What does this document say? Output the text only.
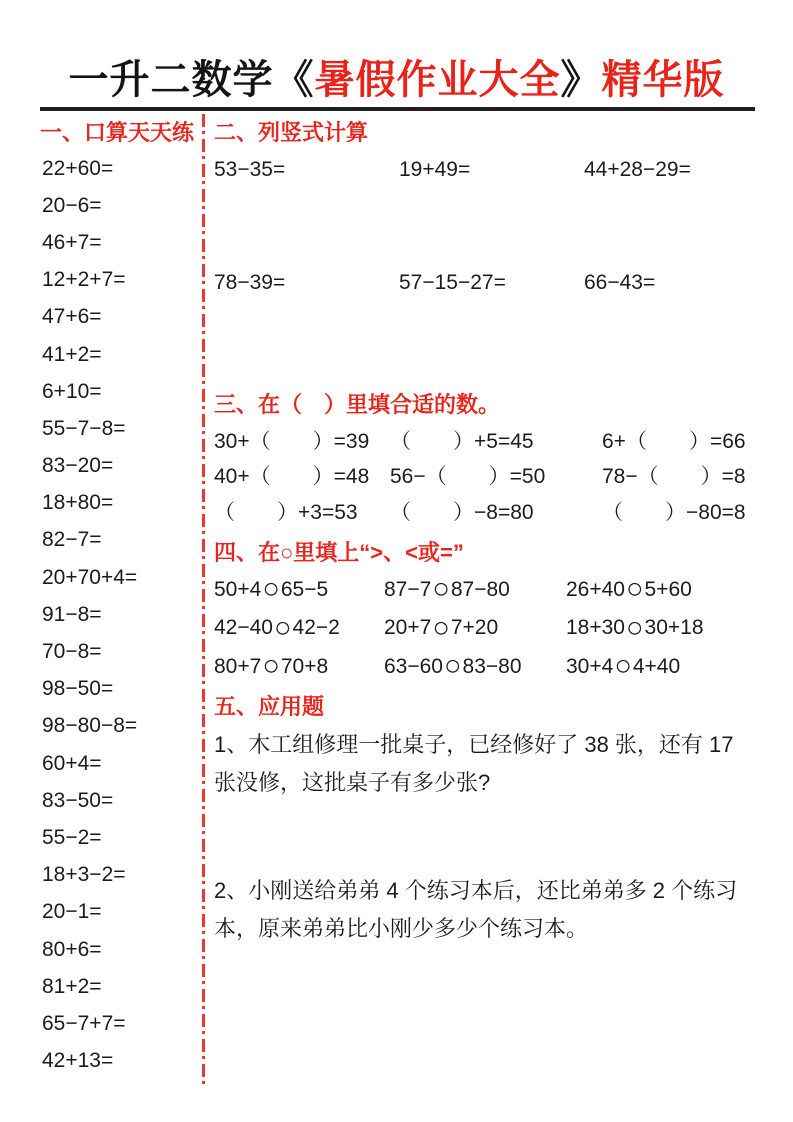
一升二数学《暑假作业大全》精华版
一、口算天天练
22+60=
20−6=
46+7=
12+2+7=
47+6=
41+2=
6+10=
55−7−8=
83−20=
18+80=
82−7=
20+70+4=
91−8=
70−8=
98−50=
98−80−8=
60+4=
83−50=
55−2=
18+3−2=
20−1=
80+6=
81+2=
65−7+7=
42+13=
二、列竖式计算
53−35=	19+49=	44+28−29=
78−39=	57−15−27=	66−43=
三、在（　）里填合适的数。
30+（　　）=39 （　　）+5=45	6+（　　）=66
40+（　　）=48 56−（　　）=50	78−（　　）=8
（　　）+3=53	（　　）−8=80	（　　）−80=8
四、在○里填上“>、<或=”
50+4 ○ 65−5	87−7 ○ 87−80	26+40 ○ 5+60
42−40 ○ 42−2	20+7 ○ 7+20	18+30 ○ 30+18
80+7 ○ 70+8	63−60 ○ 83−80	30+4 ○ 4+40
五、应用题
1、木工组修理一批桌子，已经修好了 38 张，还有 17 张没修，这批桌子有多少张?
2、小刚送给弟弟 4 个练习本后，还比弟弟多 2 个练习本，原来弟弟比小刚少多少个练习本。
